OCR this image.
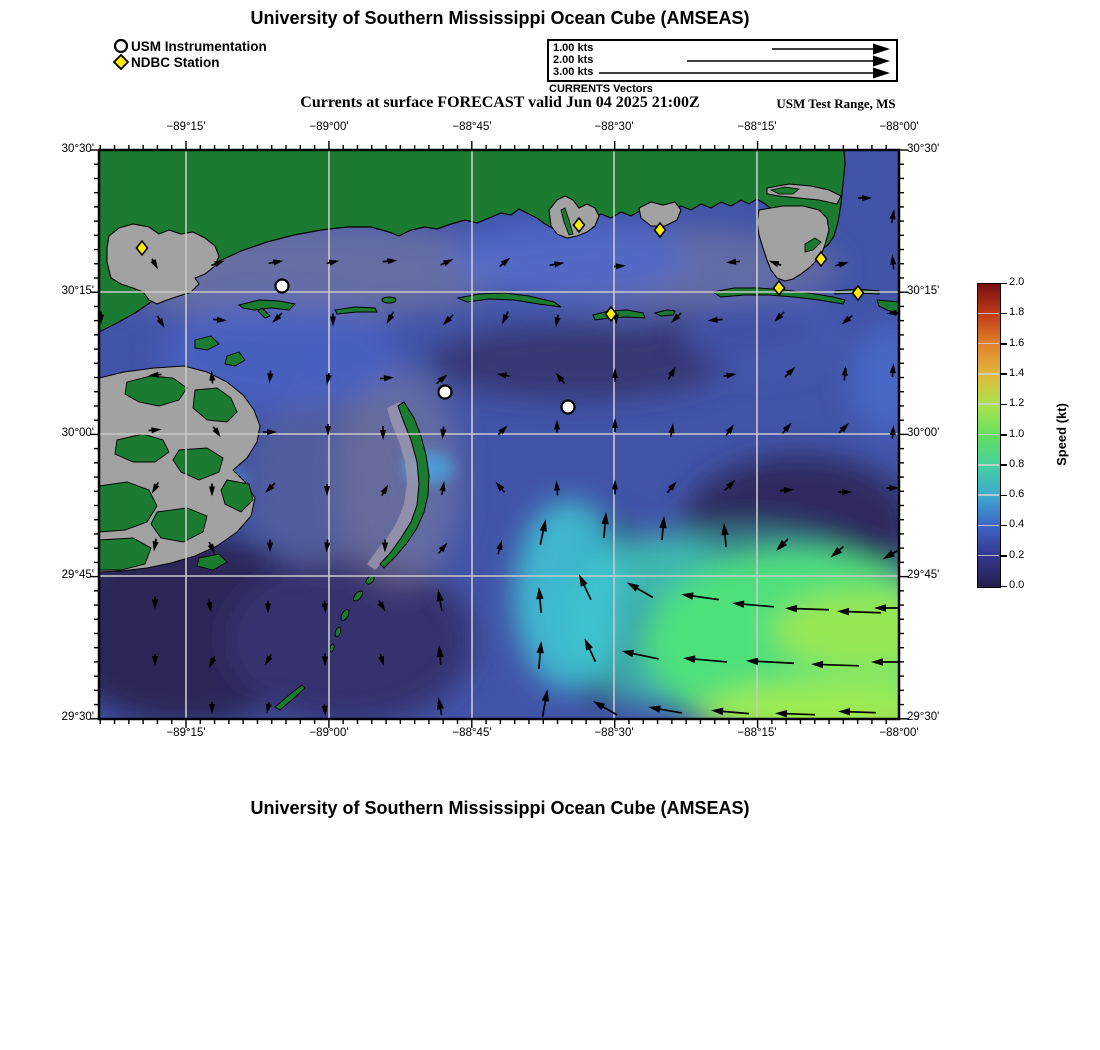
University of Southern Mississippi Ocean Cube (AMSEAS)
USM Instrumentation
NDBC Station
1.00 kts
2.00 kts
3.00 kts
CURRENTS Vectors
Currents at surface FORECAST valid Jun 04 2025 21:00Z	USM Test Range, MS
Speed (kt)
University of Southern Mississippi Ocean Cube (AMSEAS)
−89°15'
−89°15'
−89°00'
−89°00'
−88°45'
−88°45'
−88°30'
−88°30'
−88°15'
−88°15'
−88°00'
−88°00'
30°30'	30°30'
30°15'	30°15'
30°00'	30°00'
29°45'	29°45'
29°30'	29°30'
0.0
0.2
0.4
0.6
0.8
1.0
1.2
1.4
1.6
1.8
2.0
